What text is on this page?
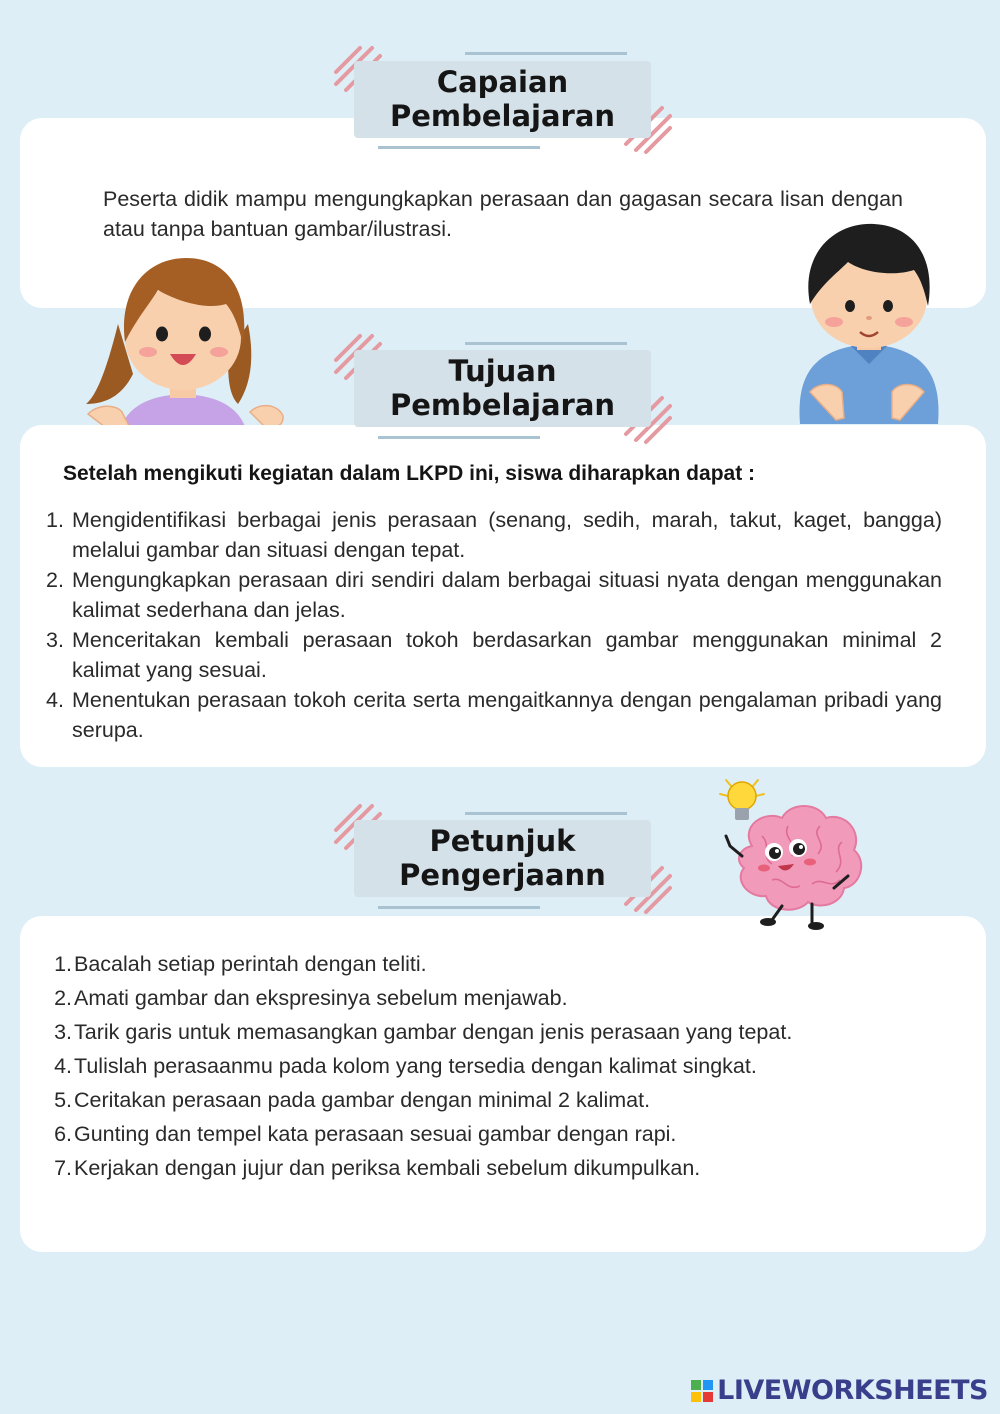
Capaian
Pembelajaran
Peserta didik mampu mengungkapkan perasaan dan gagasan secara lisan dengan atau tanpa bantuan gambar/ilustrasi.
Tujuan
Pembelajaran
Setelah mengikuti kegiatan dalam LKPD ini, siswa diharapkan dapat :
1. Mengidentifikasi berbagai jenis perasaan (senang, sedih, marah, takut, kaget, bangga) melalui gambar dan situasi dengan tepat.
2. Mengungkapkan perasaan diri sendiri dalam berbagai situasi nyata dengan menggunakan kalimat sederhana dan jelas.
3. Menceritakan kembali perasaan tokoh berdasarkan gambar menggunakan minimal 2 kalimat yang sesuai.
4. Menentukan perasaan tokoh cerita serta mengaitkannya dengan pengalaman pribadi yang serupa.
Petunjuk
Pengerjaann
1. Bacalah setiap perintah dengan teliti.
2. Amati gambar dan ekspresinya sebelum menjawab.
3. Tarik garis untuk memasangkan gambar dengan jenis perasaan yang tepat.
4. Tulislah perasaanmu pada kolom yang tersedia dengan kalimat singkat.
5. Ceritakan perasaan pada gambar dengan minimal 2 kalimat.
6. Gunting dan tempel kata perasaan sesuai gambar dengan rapi.
7. Kerjakan dengan jujur dan periksa kembali sebelum dikumpulkan.
LIVEWORKSHEETS
